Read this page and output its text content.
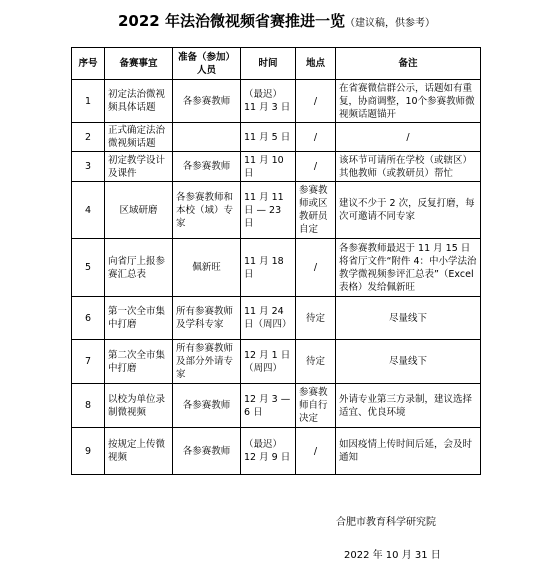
2022 年法治微视频省赛推进一览（建议稿，供参考）
序号	备赛事宜	准备（参加）人员	时间	地点	备注
1	初定法治微视频具体话题	各参赛教师	（最迟）11 月 3 日	/	在省赛微信群公示，话题如有重复，协商调整，10个参赛教师微视频话题锚开
2	正式确定法治微视频话题		11 月 5 日	/	/
3	初定教学设计及课件	各参赛教师	11 月 10 日	/	该环节可请所在学校（或辖区）其他教师（或教研员）帮忙
4	区域研磨	各参赛教师和本校（域）专家	11 月 11 日 — 23 日	参赛教师或区教研员自定	建议不少于 2 次，反复打磨，每次可邀请不同专家
5	向省厅上报参赛汇总表	佩新旺	11 月 18 日	/	各参赛教师最迟于 11 月 15 日将省厅文件“附件 4：中小学法治教学微视频参评汇总表”（Excel 表格）发给佩新旺
6	第一次全市集中打磨	所有参赛教师及学科专家	11 月 24 日（周四）	待定	尽量线下
7	第二次全市集中打磨	所有参赛教师及部分外请专家	12 月 1 日（周四）	待定	尽量线下
8	以校为单位录制微视频	各参赛教师	12 月 3 —6 日	参赛教师自行决定	外请专业第三方录制，建议选择适宜、优良环境
9	按规定上传微视频	各参赛教师	（最迟）12 月 9 日	/	如因疫情上传时间后延，会及时通知
合肥市教育科学研究院
2022 年 10 月 31 日
